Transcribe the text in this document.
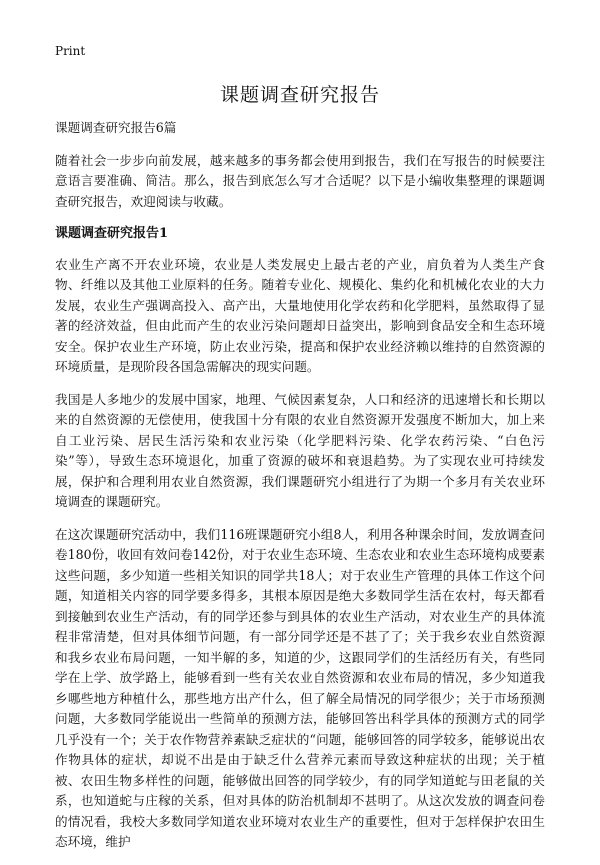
Print
课题调查研究报告

课题调查研究报告6篇

随着社会一步步向前发展，越来越多的事务都会使用到报告，我们在写报告的时候要注意语言要准确、简洁。那么，报告到底怎么写才合适呢？以下是小编收集整理的课题调查研究报告，欢迎阅读与收藏。

课题调查研究报告1

农业生产离不开农业环境，农业是人类发展史上最古老的产业，肩负着为人类生产食物、纤维以及其他工业原料的任务。随着专业化、规模化、集约化和机械化农业的大力发展，农业生产强调高投入、高产出，大量地使用化学农药和化学肥料，虽然取得了显著的经济效益，但由此而产生的农业污染问题却日益突出，影响到食品安全和生态环境安全。保护农业生产环境，防止农业污染，提高和保护农业经济赖以维持的自然资源的环境质量，是现阶段各国急需解决的现实问题。

我国是人多地少的发展中国家，地理、气候因素复杂，人口和经济的迅速增长和长期以来的自然资源的无偿使用，使我国十分有限的农业自然资源开发强度不断加大，加上来自工业污染、居民生活污染和农业污染（化学肥料污染、化学农药污染、“白色污染”等），导致生态环境退化，加重了资源的破坏和衰退趋势。为了实现农业可持续发展，保护和合理利用农业自然资源，我们课题研究小组进行了为期一个多月有关农业环境调查的课题研究。

在这次课题研究活动中，我们116班课题研究小组8人，利用各种课余时间，发放调查问卷180份，收回有效问卷142份，对于农业生态环境、生态农业和农业生态环境构成要素这些问题，多少知道一些相关知识的同学共18人；对于农业生产管理的具体工作这个问题，知道相关内容的同学要多得多，其根本原因是绝大多数同学生活在农村，每天都看到接触到农业生产活动，有的同学还参与到具体的农业生产活动，对农业生产的具体流程非常清楚，但对具体细节问题，有一部分同学还是不甚了了；关于我乡农业自然资源和我乡农业布局问题，一知半解的多，知道的少，这跟同学们的生活经历有关，有些同学在上学、放学路上，能够看到一些有关农业自然资源和农业布局的情况，多少知道我乡哪些地方种植什么，那些地方出产什么，但了解全局情况的同学很少；关于市场预测问题，大多数同学能说出一些简单的预测方法，能够回答出科学具体的预测方式的同学几乎没有一个；关于农作物营养素缺乏症状的“问题，能够回答的同学较多，能够说出农作物具体的症状，却说不出是由于缺乏什么营养元素而导致这种症状的出现；关于植被、农田生物多样性的问题，能够做出回答的同学较少，有的同学知道蛇与田老鼠的关系，也知道蛇与庄稼的关系，但对具体的防治机制却不甚明了。从这次发放的调查问卷的情况看，我校大多数同学知道农业环境对农业生产的重要性，但对于怎样保护农田生态环境，维护
